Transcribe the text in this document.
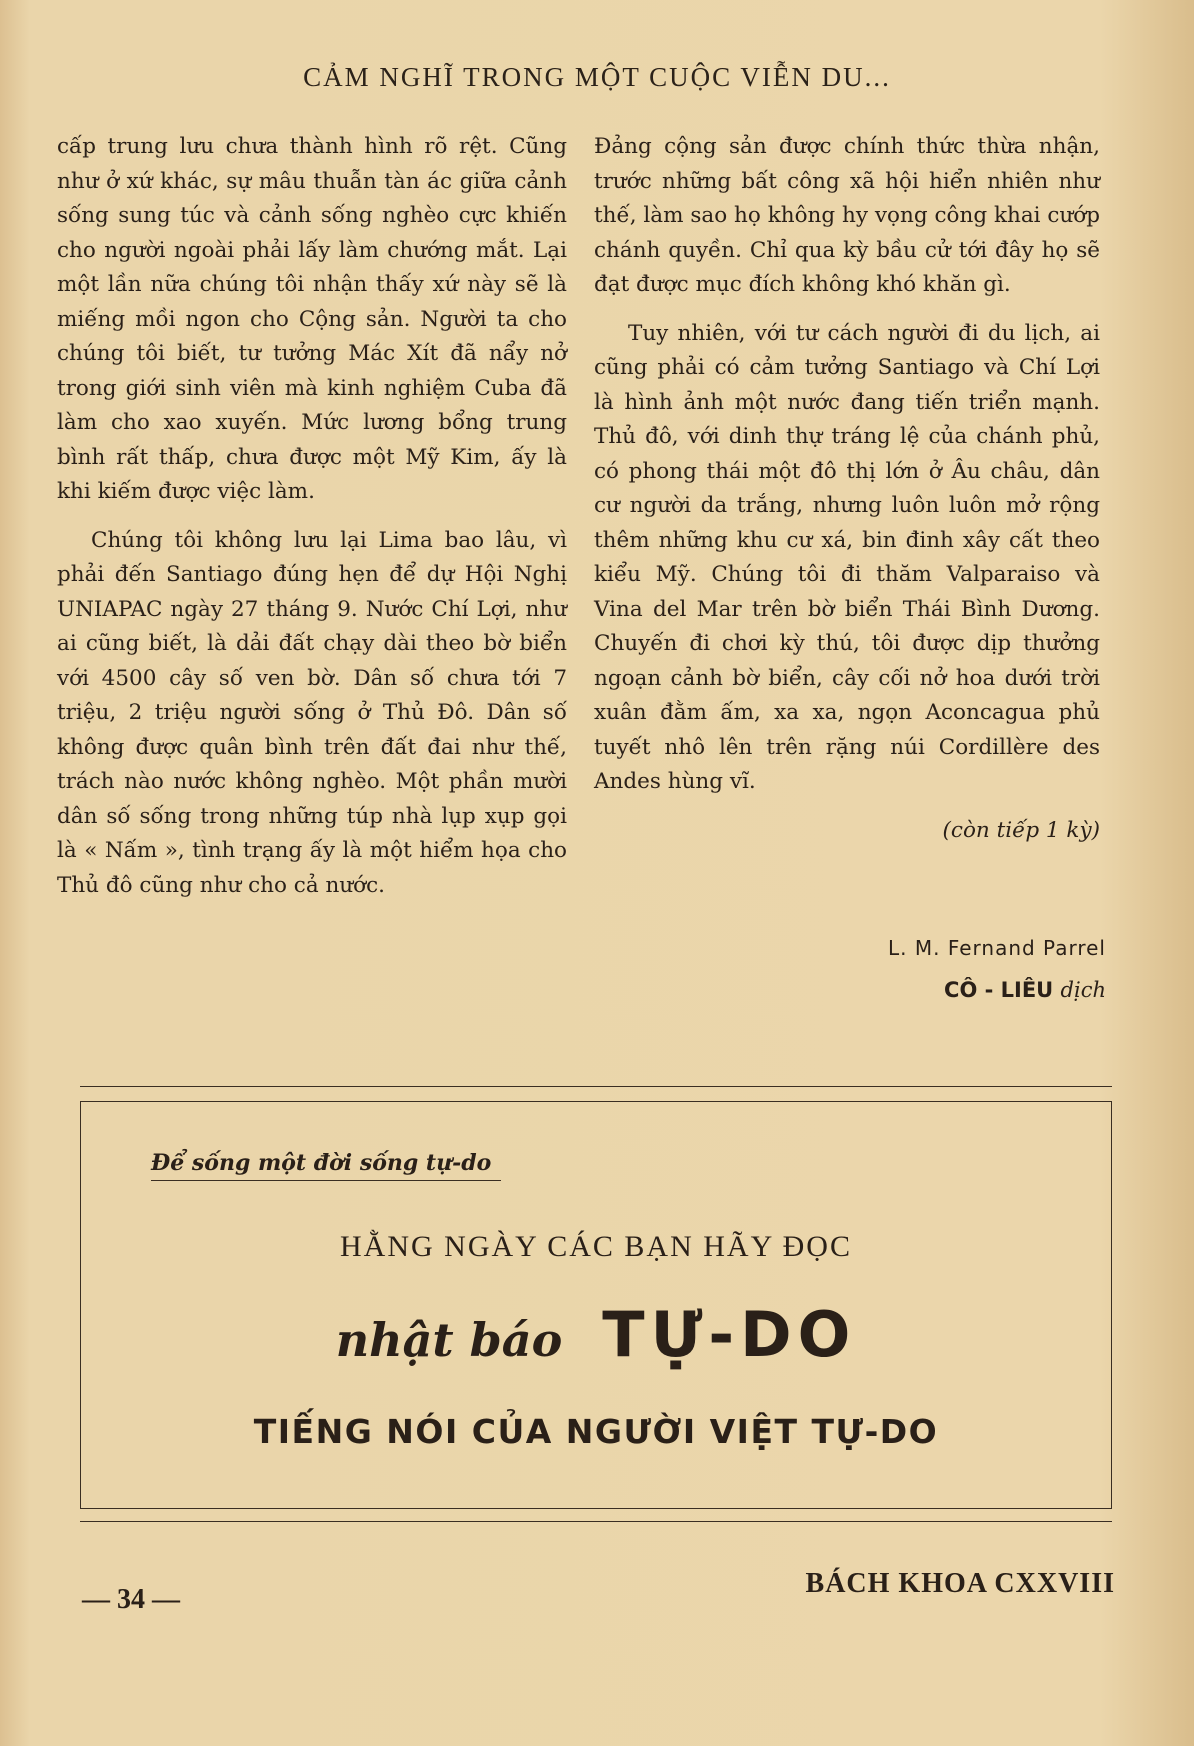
CẢM NGHĨ TRONG MỘT CUỘC VIỄN DU...

cấp trung lưu chưa thành hình rõ rệt. Cũng như ở xứ khác, sự mâu thuẫn tàn ác giữa cảnh sống sung túc và cảnh sống nghèo cực khiến cho người ngoài phải lấy làm chướng mắt. Lại một lần nữa chúng tôi nhận thấy xứ này sẽ là miếng mồi ngon cho Cộng sản. Người ta cho chúng tôi biết, tư tưởng Mác Xít đã nẩy nở trong giới sinh viên mà kinh nghiệm Cuba đã làm cho xao xuyến. Mức lương bổng trung bình rất thấp, chưa được một Mỹ Kim, ấy là khi kiếm được việc làm.

Chúng tôi không lưu lại Lima bao lâu, vì phải đến Santiago đúng hẹn để dự Hội Nghị UNIAPAC ngày 27 tháng 9. Nước Chí Lợi, như ai cũng biết, là dải đất chạy dài theo bờ biển với 4500 cây số ven bờ. Dân số chưa tới 7 triệu, 2 triệu người sống ở Thủ Đô. Dân số không được quân bình trên đất đai như thế, trách nào nước không nghèo. Một phần mười dân số sống trong những túp nhà lụp xụp gọi là « Nấm », tình trạng ấy là một hiểm họa cho Thủ đô cũng như cho cả nước.

Đảng cộng sản được chính thức thừa nhận, trước những bất công xã hội hiển nhiên như thế, làm sao họ không hy vọng công khai cướp chánh quyền. Chỉ qua kỳ bầu cử tới đây họ sẽ đạt được mục đích không khó khăn gì.

Tuy nhiên, với tư cách người đi du lịch, ai cũng phải có cảm tưởng Santiago và Chí Lợi là hình ảnh một nước đang tiến triển mạnh. Thủ đô, với dinh thự tráng lệ của chánh phủ, có phong thái một đô thị lớn ở Âu châu, dân cư người da trắng, nhưng luôn luôn mở rộng thêm những khu cư xá, bin đinh xây cất theo kiểu Mỹ. Chúng tôi đi thăm Valparaiso và Vina del Mar trên bờ biển Thái Bình Dương. Chuyến đi chơi kỳ thú, tôi được dịp thưởng ngoạn cảnh bờ biển, cây cối nở hoa dưới trời xuân đằm ấm, xa xa, ngọn Aconcagua phủ tuyết nhô lên trên rặng núi Cordillère des Andes hùng vĩ.

(còn tiếp 1 kỳ)

L. M. Fernand Parrel
CÔ - LIÊU dịch
Để sống một đời sống tự-do
HẰNG NGÀY CÁC BẠN HÃY ĐỌC
nhật báo TỰ-DO
TIẾNG NÓI CỦA NGƯỜI VIỆT TỰ-DO
— 34 —
BÁCH KHOA CXXVIII
